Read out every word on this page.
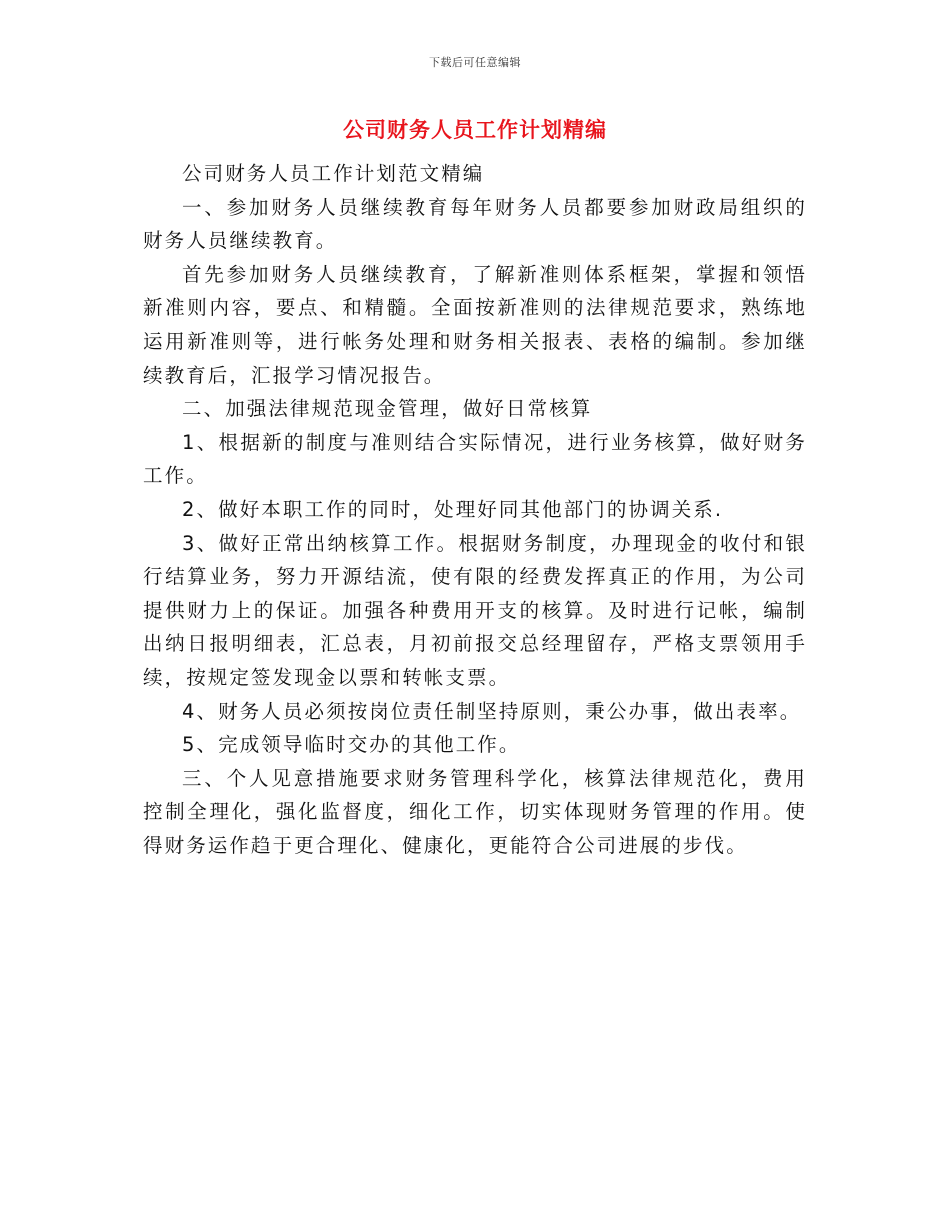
下载后可任意编辑
公司财务人员工作计划精编

公司财务人员工作计划范文精编

一、参加财务人员继续教育每年财务人员都要参加财政局组织的财务人员继续教育。

首先参加财务人员继续教育，了解新准则体系框架，掌握和领悟新准则内容，要点、和精髓。全面按新准则的法律规范要求，熟练地运用新准则等，进行帐务处理和财务相关报表、表格的编制。参加继续教育后，汇报学习情况报告。

二、加强法律规范现金管理，做好日常核算

1、根据新的制度与准则结合实际情况，进行业务核算，做好财务工作。

2、做好本职工作的同时，处理好同其他部门的协调关系.

3、做好正常出纳核算工作。根据财务制度，办理现金的收付和银行结算业务，努力开源结流，使有限的经费发挥真正的作用，为公司提供财力上的保证。加强各种费用开支的核算。及时进行记帐，编制出纳日报明细表，汇总表，月初前报交总经理留存，严格支票领用手续，按规定签发现金以票和转帐支票。

4、财务人员必须按岗位责任制坚持原则，秉公办事，做出表率。

5、完成领导临时交办的其他工作。

三、个人见意措施要求财务管理科学化，核算法律规范化，费用控制全理化，强化监督度，细化工作，切实体现财务管理的作用。使得财务运作趋于更合理化、健康化，更能符合公司进展的步伐。
